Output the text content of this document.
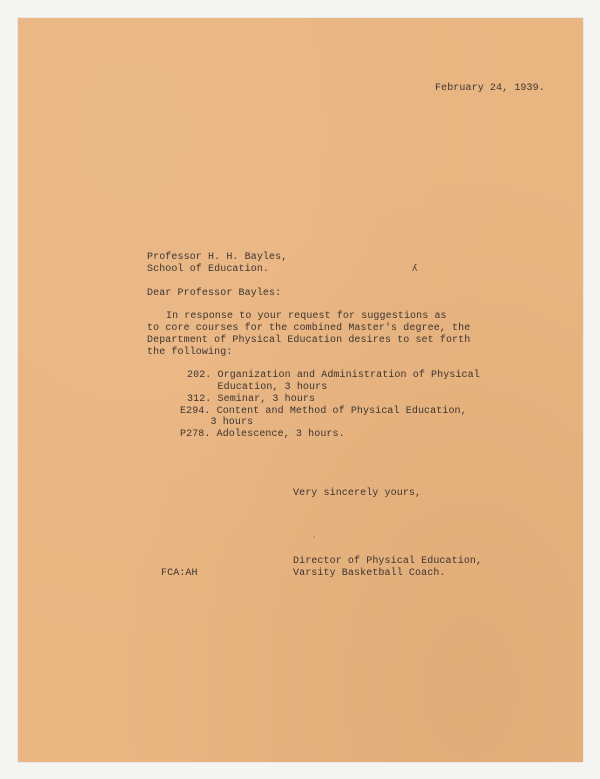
February 24, 1939.
Professor H. H. Bayles,
School of Education.	ʎ
Dear Professor Bayles:
In response to your request for suggestions as
to core courses for the combined Master's degree, the
Department of Physical Education desires to set forth
the following:
202. Organization and Administration of Physical
Education, 3 hours
312. Seminar, 3 hours
E294. Content and Method of Physical Education,
3 hours
P278. Adolescence, 3 hours.
Very sincerely yours,
·
Director of Physical Education,
Varsity Basketball Coach.
FCA:AH
